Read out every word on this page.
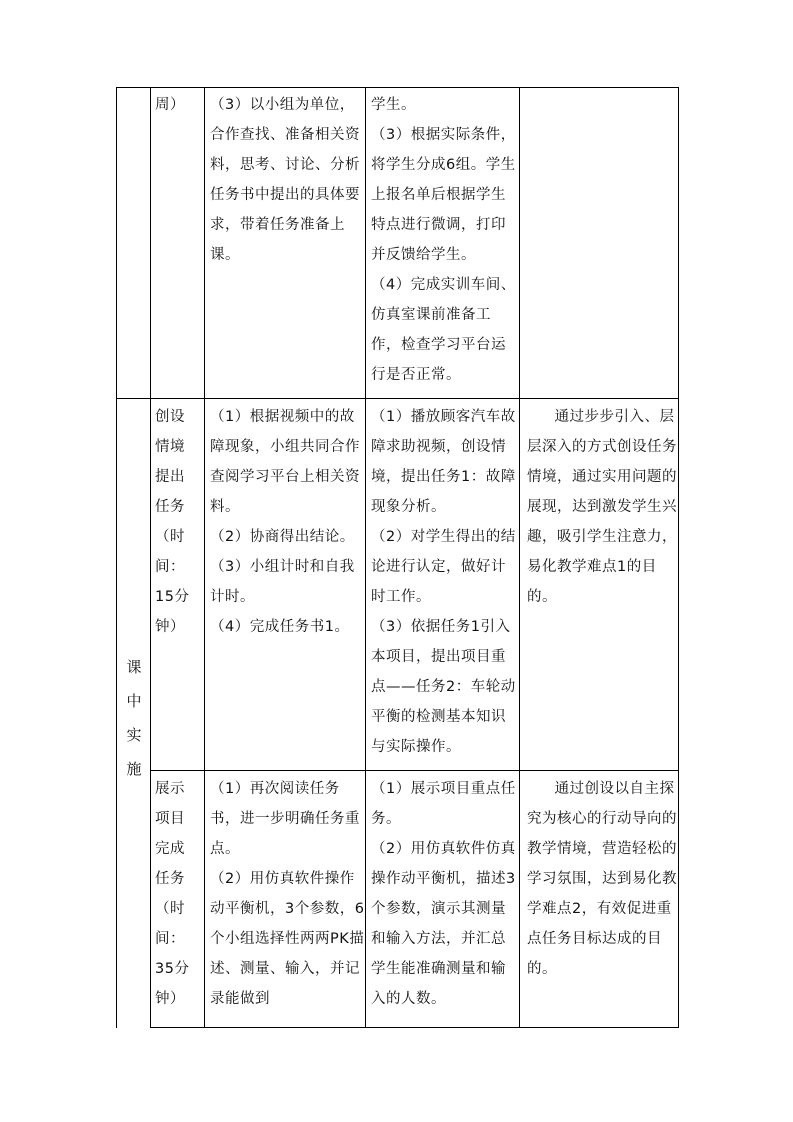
课
中
实
施

周）	（3）以小组为单位，合作查找、准备相关资料，思考、讨论、分析任务书中提出的具体要求，带着任务准备上课。

学生。

（3）根据实际条件，将学生分成6组。学生上报名单后根据学生特点进行微调，打印并反馈给学生。

（4）完成实训车间、仿真室课前准备工作，检查学习平台运行是否正常。

创设

情境

提出

任务

（时

间：

15分

钟）

（1）根据视频中的故障现象，小组共同合作查阅学习平台上相关资料。

（2）协商得出结论。

（3）小组计时和自我计时。

（4）完成任务书1。

（1）播放顾客汽车故障求助视频，创设情境，提出任务1：故障现象分析。

（2）对学生得出的结论进行认定，做好计时工作。

（3）依据任务1引入本项目，提出项目重点——任务2：车轮动平衡的检测基本知识与实际操作。

通过步步引入、层层深入的方式创设任务情境，通过实用问题的展现，达到激发学生兴趣，吸引学生注意力，易化教学难点1的目的。

展示

项目

完成

任务

（时

间：

35分

钟）

（1）再次阅读任务书，进一步明确任务重点。

（2）用仿真软件操作动平衡机，3个参数，6个小组选择性两两PK描述、测量、输入，并记录能做到

（1）展示项目重点任务。

（2）用仿真软件仿真操作动平衡机，描述3个参数，演示其测量和输入方法，并汇总学生能准确测量和输入的人数。

通过创设以自主探究为核心的行动导向的教学情境，营造轻松的学习氛围，达到易化教学难点2，有效促进重点任务目标达成的目的。
